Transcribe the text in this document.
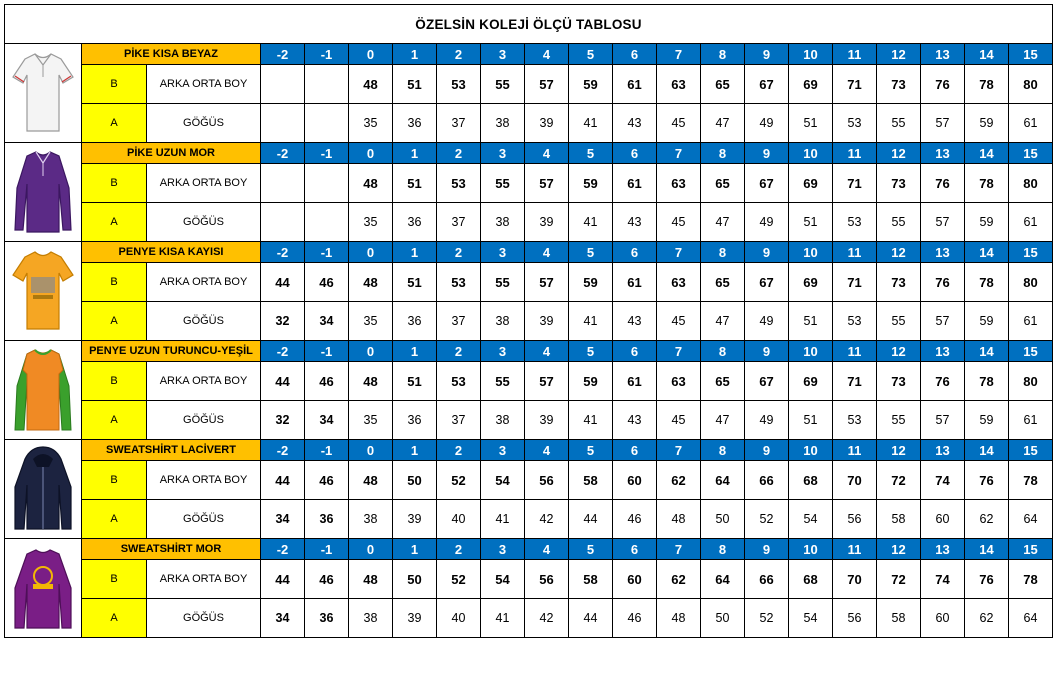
ÖZELSİN KOLEJİ ÖLÇÜ TABLOSU																				

	PİKE KISA BEYAZ		-2	-1	0	1	2	3	4	5	6	7	8	9	10	11	12	13	14	15
	B	ARKA ORTA BOY			48	51	53	55	57	59	61	63	65	67	69	71	73	76	78	80
	A	GÖĞÜS			35	36	37	38	39	41	43	45	47	49	51	53	55	57	59	61

	PİKE UZUN MOR		-2	-1	0	1	2	3	4	5	6	7	8	9	10	11	12	13	14	15
	B	ARKA ORTA BOY			48	51	53	55	57	59	61	63	65	67	69	71	73	76	78	80
	A	GÖĞÜS			35	36	37	38	39	41	43	45	47	49	51	53	55	57	59	61

	PENYE KISA KAYISI		-2	-1	0	1	2	3	4	5	6	7	8	9	10	11	12	13	14	15
	B	ARKA ORTA BOY	44	46	48	51	53	55	57	59	61	63	65	67	69	71	73	76	78	80
	A	GÖĞÜS	32	34	35	36	37	38	39	41	43	45	47	49	51	53	55	57	59	61

	PENYE UZUN TURUNCU-YEŞİL		-2	-1	0	1	2	3	4	5	6	7	8	9	10	11	12	13	14	15
	B	ARKA ORTA BOY	44	46	48	51	53	55	57	59	61	63	65	67	69	71	73	76	78	80
	A	GÖĞÜS	32	34	35	36	37	38	39	41	43	45	47	49	51	53	55	57	59	61

	SWEATSHİRT LACİVERT		-2	-1	0	1	2	3	4	5	6	7	8	9	10	11	12	13	14	15
	B	ARKA ORTA BOY	44	46	48	50	52	54	56	58	60	62	64	66	68	70	72	74	76	78
	A	GÖĞÜS	34	36	38	39	40	41	42	44	46	48	50	52	54	56	58	60	62	64

	SWEATSHİRT MOR		-2	-1	0	1	2	3	4	5	6	7	8	9	10	11	12	13	14	15
	B	ARKA ORTA BOY	44	46	48	50	52	54	56	58	60	62	64	66	68	70	72	74	76	78
	A	GÖĞÜS	34	36	38	39	40	41	42	44	46	48	50	52	54	56	58	60	62	64
